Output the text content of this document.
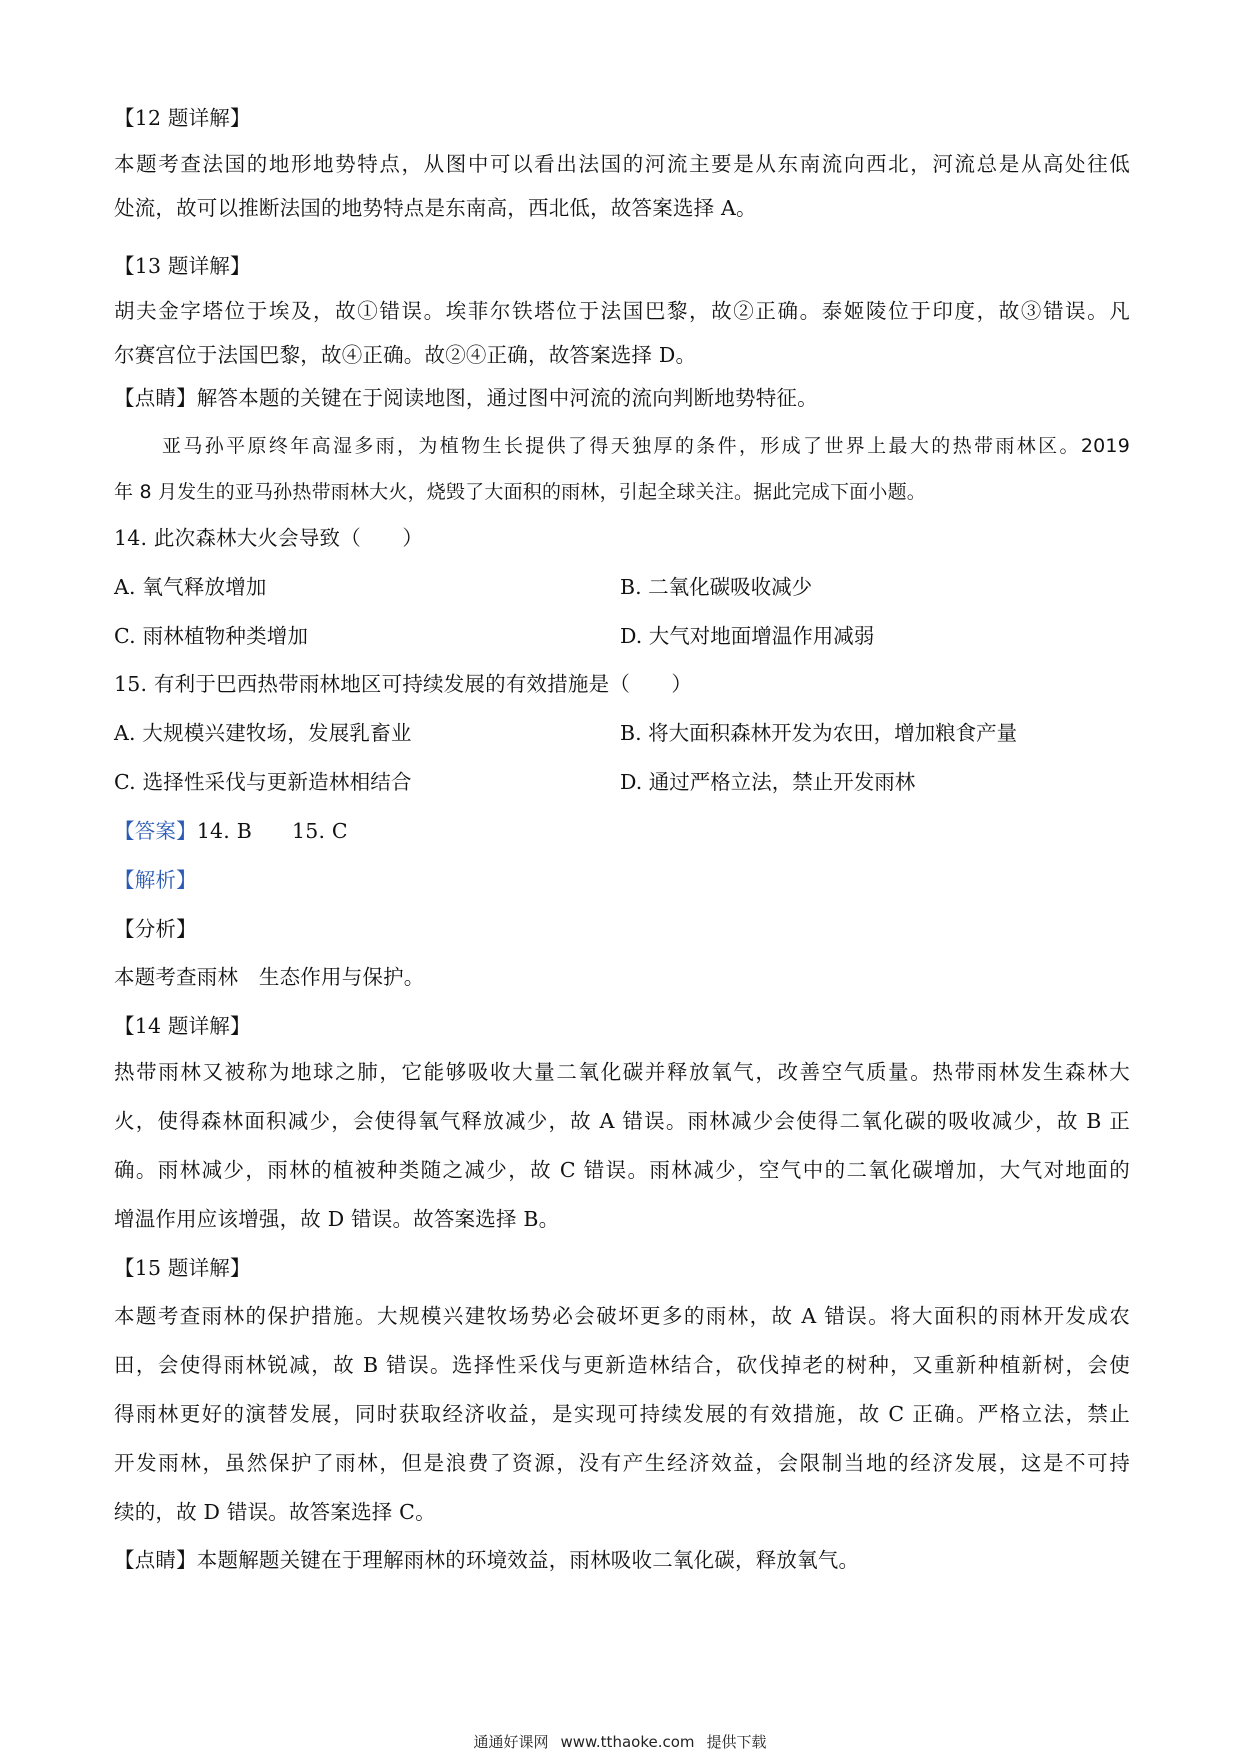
【12 题详解】
本题考查法国的地形地势特点，从图中可以看出法国的河流主要是从东南流向西北，河流总是从高处往低
处流，故可以推断法国的地势特点是东南高，西北低，故答案选择 A。
【13 题详解】
胡夫金字塔位于埃及，故①错误。埃菲尔铁塔位于法国巴黎，故②正确。泰姬陵位于印度，故③错误。凡
尔赛宫位于法国巴黎，故④正确。故②④正确，故答案选择 D。
【点睛】解答本题的关键在于阅读地图，通过图中河流的流向判断地势特征。
亚马孙平原终年高湿多雨，为植物生长提供了得天独厚的条件，形成了世界上最大的热带雨林区。2019
年 8 月发生的亚马孙热带雨林大火，烧毁了大面积的雨林，引起全球关注。据此完成下面小题。
14. 此次森林大火会导致（　　）
A. 氧气释放增加	B. 二氧化碳吸收减少
C. 雨林植物种类增加	D. 大气对地面增温作用减弱
15. 有利于巴西热带雨林地区可持续发展的有效措施是（　　）
A. 大规模兴建牧场，发展乳畜业	B. 将大面积森林开发为农田，增加粮食产量
C. 选择性采伐与更新造林相结合	D. 通过严格立法，禁止开发雨林
【答案】14. B 15. C
【解析】
【分析】
本题考查雨林　生态作用与保护。
【14 题详解】
热带雨林又被称为地球之肺，它能够吸收大量二氧化碳并释放氧气，改善空气质量。热带雨林发生森林大
火，使得森林面积减少，会使得氧气释放减少，故 A 错误。雨林减少会使得二氧化碳的吸收减少，故 B 正
确。雨林减少，雨林的植被种类随之减少，故 C 错误。雨林减少，空气中的二氧化碳增加，大气对地面的
增温作用应该增强，故 D 错误。故答案选择 B。
【15 题详解】
本题考查雨林的保护措施。大规模兴建牧场势必会破坏更多的雨林，故 A 错误。将大面积的雨林开发成农
田，会使得雨林锐减，故 B 错误。选择性采伐与更新造林结合，砍伐掉老的树种，又重新种植新树，会使
得雨林更好的演替发展，同时获取经济收益，是实现可持续发展的有效措施，故 C 正确。严格立法，禁止
开发雨林，虽然保护了雨林，但是浪费了资源，没有产生经济效益，会限制当地的经济发展，这是不可持
续的，故 D 错误。故答案选择 C。
【点睛】本题解题关键在于理解雨林的环境效益，雨林吸收二氧化碳，释放氧气。
通通好课网 www.tthaoke.com 提供下载
